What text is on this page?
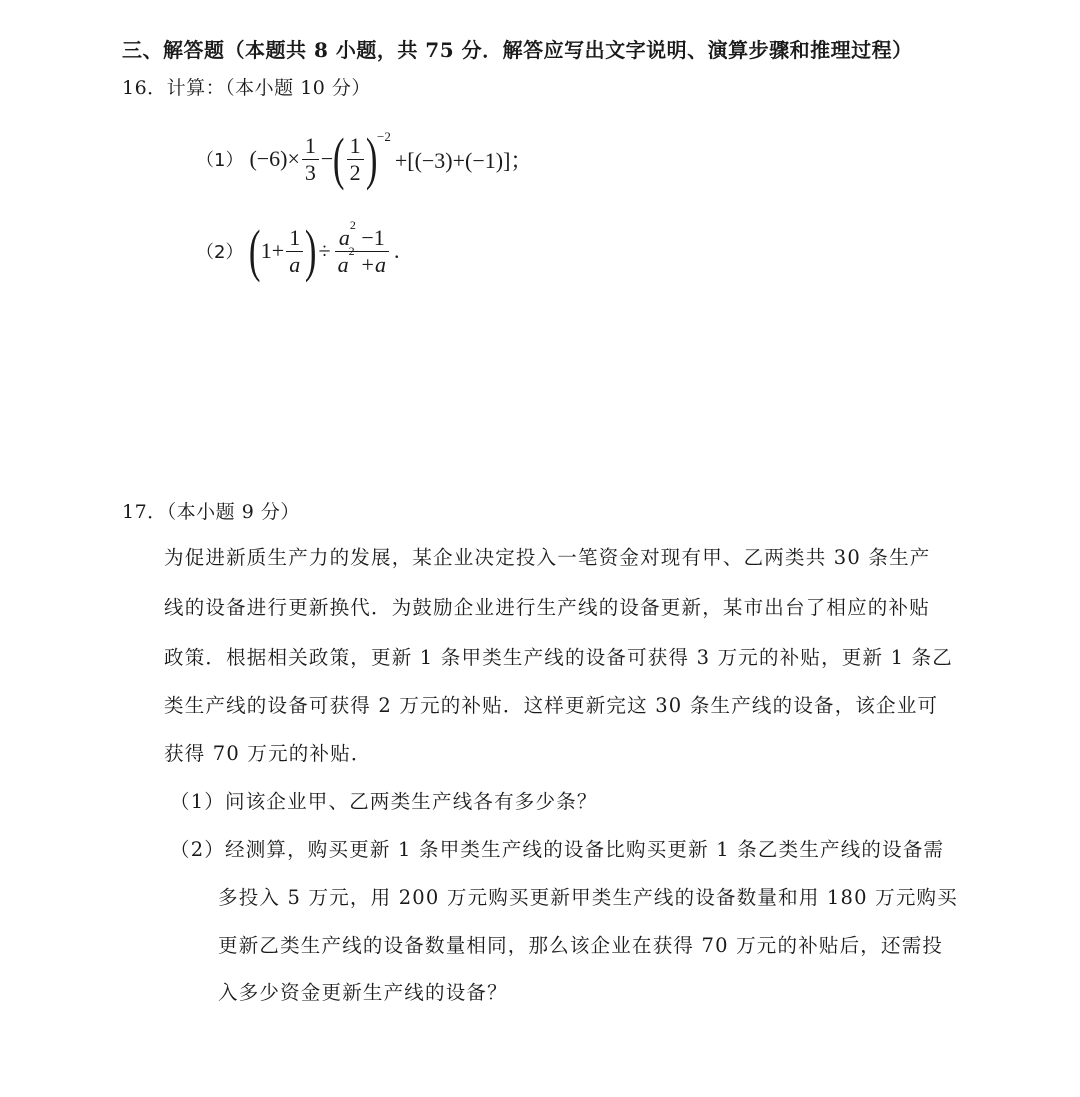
三、解答题（本题共 8 小题，共 75 分．解答应写出文字说明、演算步骤和推理过程）
16．计算：（本小题 10 分）
（1） $(-6)\times \frac{1}{3}$ − ( $\frac{1}{2} )^{-2}$
+[(−3)+(−1)]；
（2） ( $1+ \frac{1}{a}$ ) ÷ $\frac{a^2 -1}{a^2 +a}$ .
17．（本小题 9 分）
为促进新质生产力的发展，某企业决定投入一笔资金对现有甲、乙两类共 30 条生产
线的设备进行更新换代．为鼓励企业进行生产线的设备更新，某市出台了相应的补贴
政策．根据相关政策，更新 1 条甲类生产线的设备可获得 3 万元的补贴，更新 1 条乙
类生产线的设备可获得 2 万元的补贴．这样更新完这 30 条生产线的设备，该企业可
获得 70 万元的补贴．
（1）问该企业甲、乙两类生产线各有多少条？
（2）经测算，购买更新 1 条甲类生产线的设备比购买更新 1 条乙类生产线的设备需
多投入 5 万元，用 200 万元购买更新甲类生产线的设备数量和用 180 万元购买
更新乙类生产线的设备数量相同，那么该企业在获得 70 万元的补贴后，还需投
入多少资金更新生产线的设备？
